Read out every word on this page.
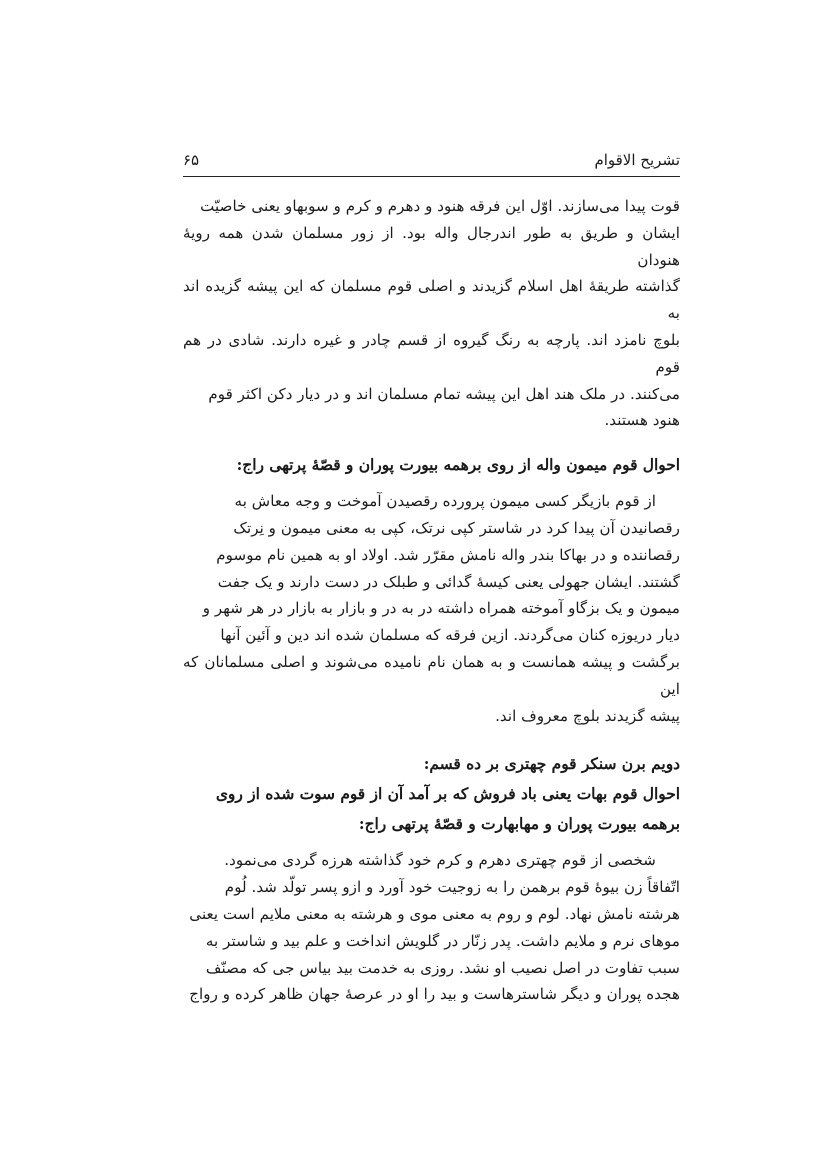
تشریح الاقوام
۶۵

قوت پیدا می‌سازند. اوّل این فرقه هنود و دهرم و کرم و سوبهاو یعنی خاصیّت

ایشان و طریق به طور اندرجال واله بود. از زور مسلمان شدن همه رویهٔ هنودان

گذاشته طریقهٔ اهل اسلام گزیدند و اصلی قوم مسلمان که این پیشه گزیده اند به

بلوچ نامزد اند. پارچه به رنگ گیروه از قسم چادر و غیره دارند. شادی در هم قوم

می‌کنند. در ملک هند اهل این پیشه تمام مسلمان اند و در دیار دکن اکثر قوم

هنود هستند.

احوال قوم میمون واله از روی برهمه بیورت پوران و قصّهٔ پرتهی راج:

از قوم بازیگر کسی میمون پرورده رقصیدن آموخت و وجه معاش به

رقصانیدن آن پیدا کرد در شاستر کپی نرتک، کپی به معنی میمون و نِرتک

رقصاننده و در بهاکا بندر واله نامش مقرّر شد. اولاد او به همین نام موسوم

گشتند. ایشان جهولی یعنی کیسهٔ گدائی و طبلک در دست دارند و یک جفت

میمون و یک بزگاو آموخته همراه داشته در به در و بازار به بازار در هر شهر و

دیار دریوزه کنان می‌گردند. ازین فرقه که مسلمان شده اند دین و آئین آنها

برگشت و پیشه همانست و به همان نام نامیده می‌شوند و اصلی مسلمانان که این

پیشه گزیدند بلوچ معروف اند.

دویم برن سنکر قوم چهتری بر ده قسم:
احوال قوم بهات یعنی باد فروش که بر آمد آن از قوم سوت شده از روی
برهمه بیورت پوران و مهابهارت و قصّهٔ پرتهی راج:

شخصی از قوم چهتری دهرم و کرم خود گذاشته هرزه گردی می‌نمود.

اتّفاقاً زن بیوهٔ قوم برهمن را به زوجیت خود آورد و ازو پسر تولّد شد. لُوم

هرشته نامش نهاد. لوم و روم به معنی موی و هرشته به معنی ملایم است یعنی

موهای نرم و ملایم داشت. پدر زنّار در گلویش انداخت و علم بید و شاستر به

سبب تفاوت در اصل نصیب او نشد. روزی به خدمت بید بیاس جی که مصنّف

هجده پوران و دیگر شاسترهاست و بید را او در عرصهٔ جهان ظاهر کرده و رواج
